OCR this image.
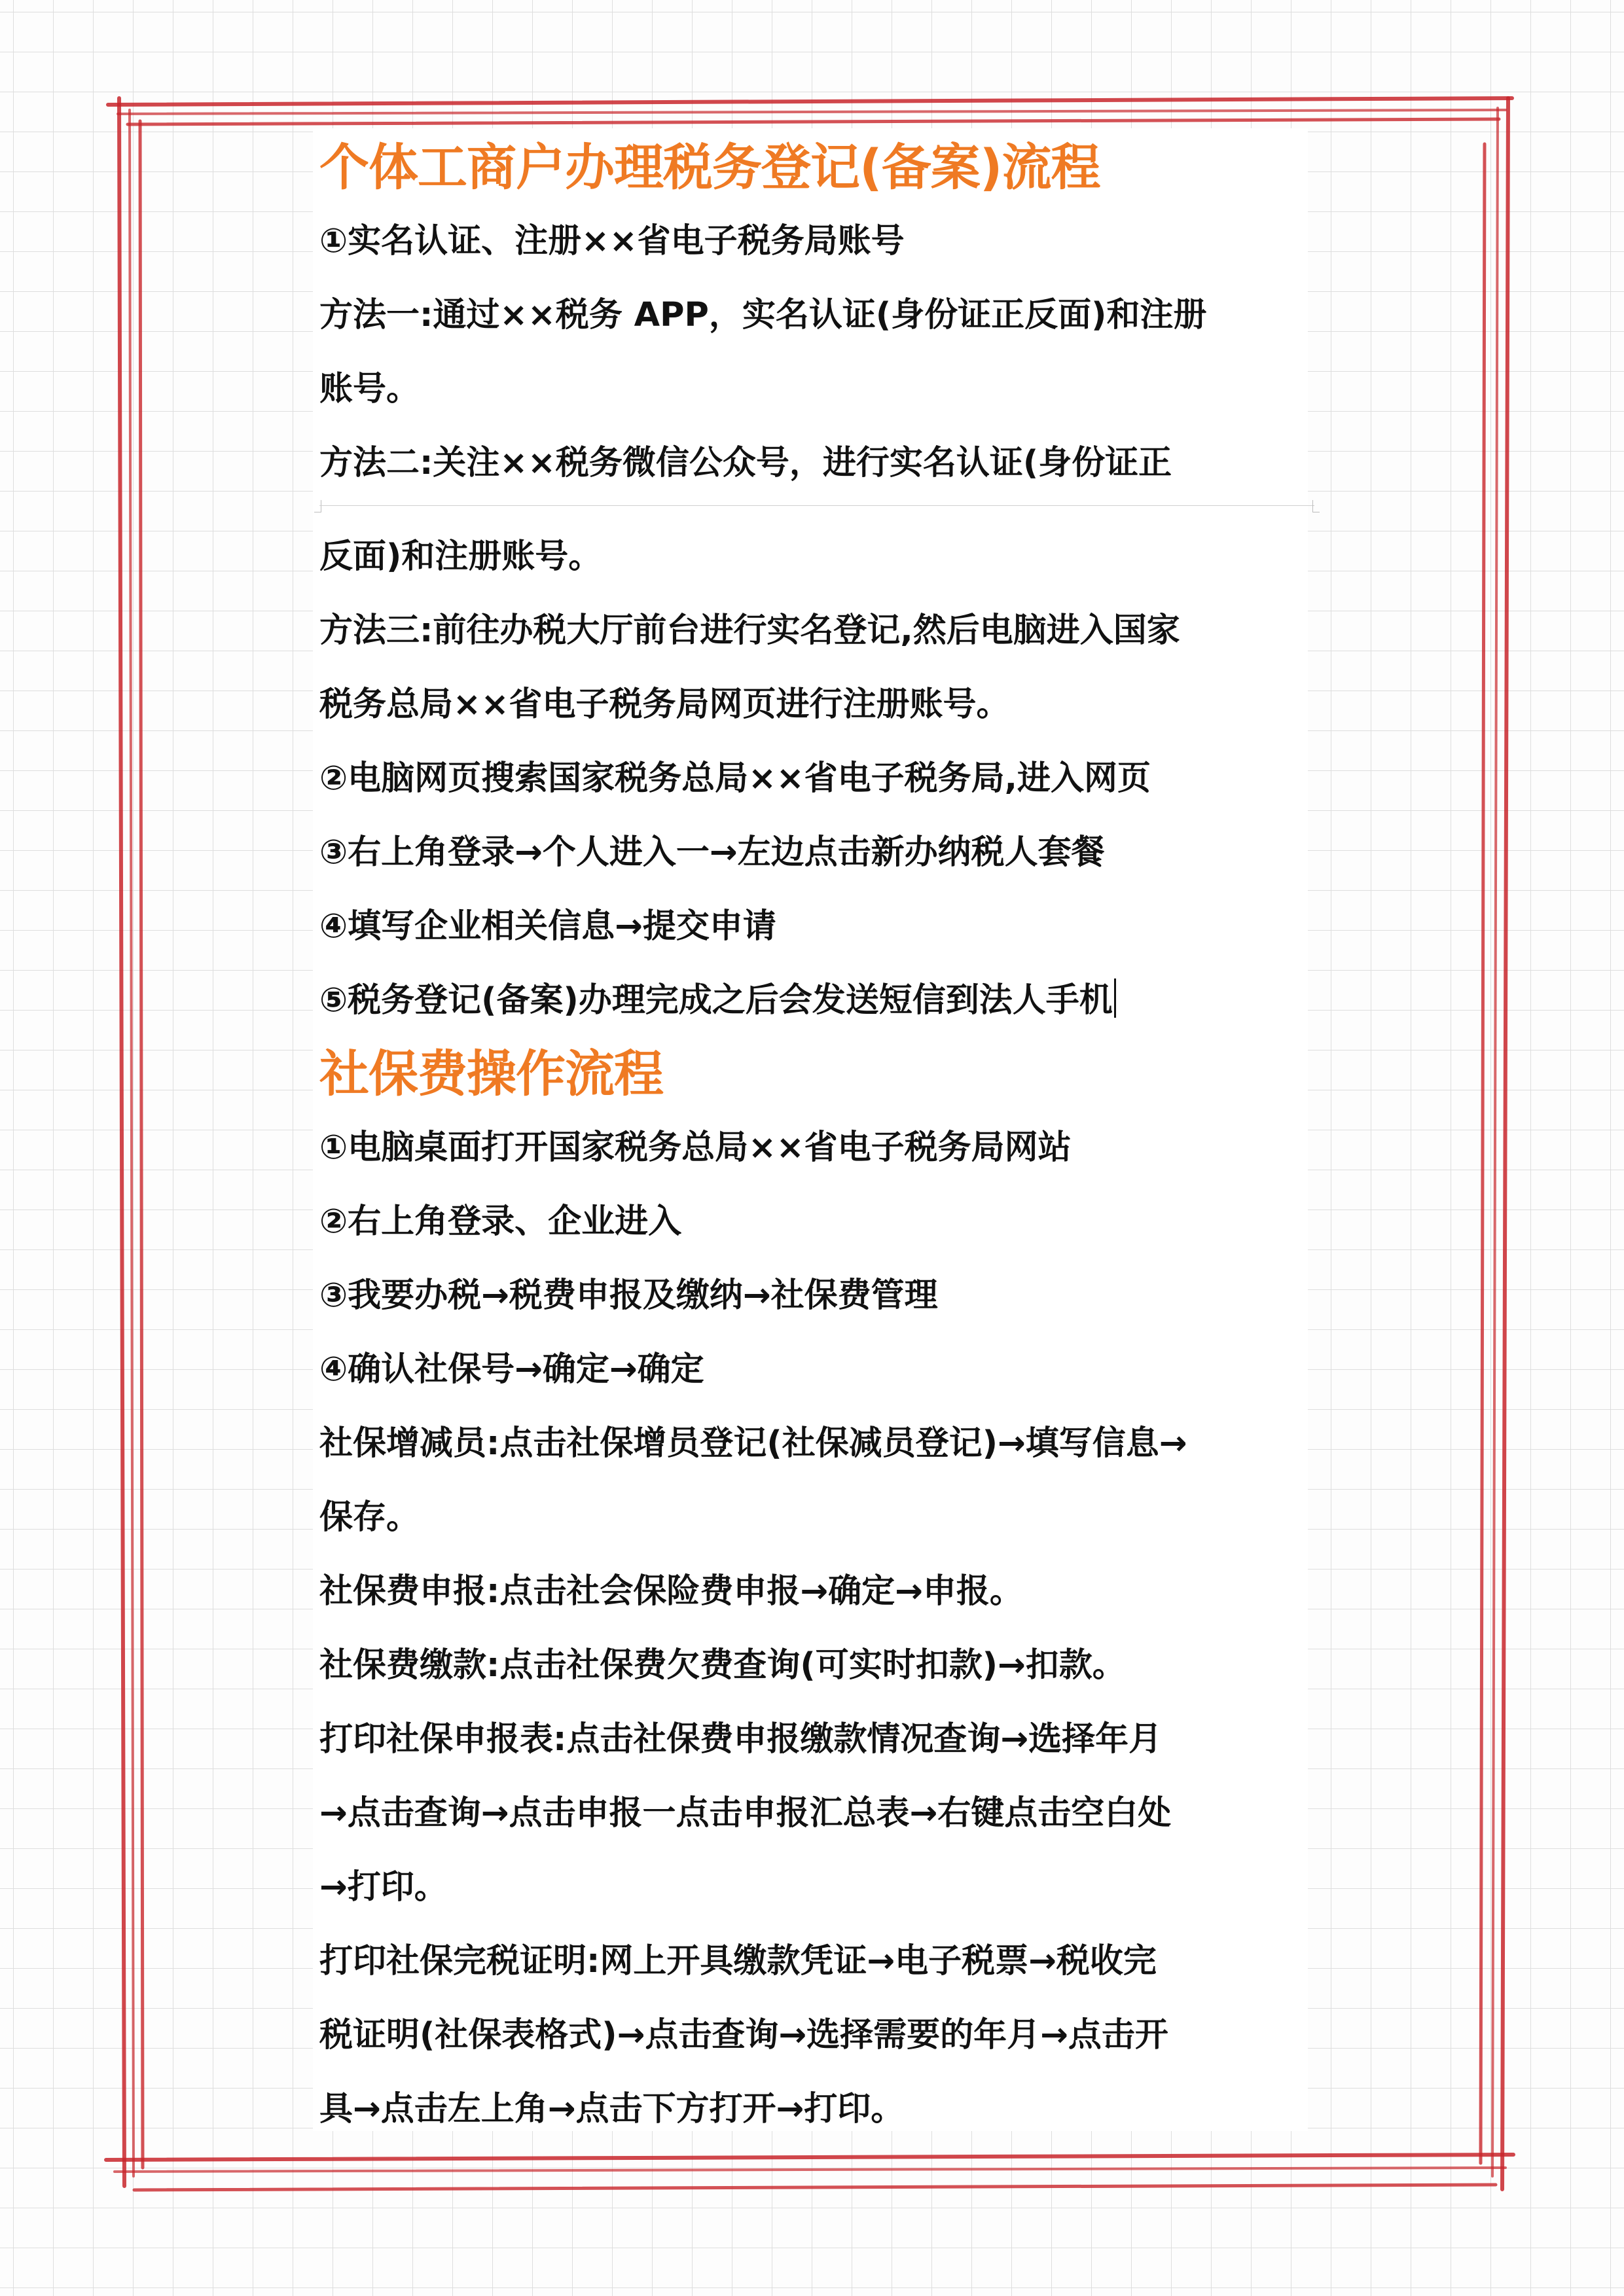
个体工商户办理税务登记(备案)流程

①实名认证、注册××省电子税务局账号

方法一:通过××税务 APP，实名认证(身份证正反面)和注册

账号。

方法二:关注××税务微信公众号，进行实名认证(身份证正

反面)和注册账号。

方法三:前往办税大厅前台进行实名登记,然后电脑进入国家

税务总局××省电子税务局网页进行注册账号。

②电脑网页搜索国家税务总局××省电子税务局,进入网页

③右上角登录→个人进入一→左边点击新办纳税人套餐

④填写企业相关信息→提交申请

⑤税务登记(备案)办理完成之后会发送短信到法人手机

社保费操作流程

①电脑桌面打开国家税务总局××省电子税务局网站

②右上角登录、企业进入

③我要办税→税费申报及缴纳→社保费管理

④确认社保号→确定→确定

社保增减员:点击社保增员登记(社保减员登记)→填写信息→

保存。

社保费申报:点击社会保险费申报→确定→申报。

社保费缴款:点击社保费欠费查询(可实时扣款)→扣款。

打印社保申报表:点击社保费申报缴款情况查询→选择年月

→点击查询→点击申报一点击申报汇总表→右键点击空白处

→打印。

打印社保完税证明:网上开具缴款凭证→电子税票→税收完

税证明(社保表格式)→点击查询→选择需要的年月→点击开

具→点击左上角→点击下方打开→打印。
